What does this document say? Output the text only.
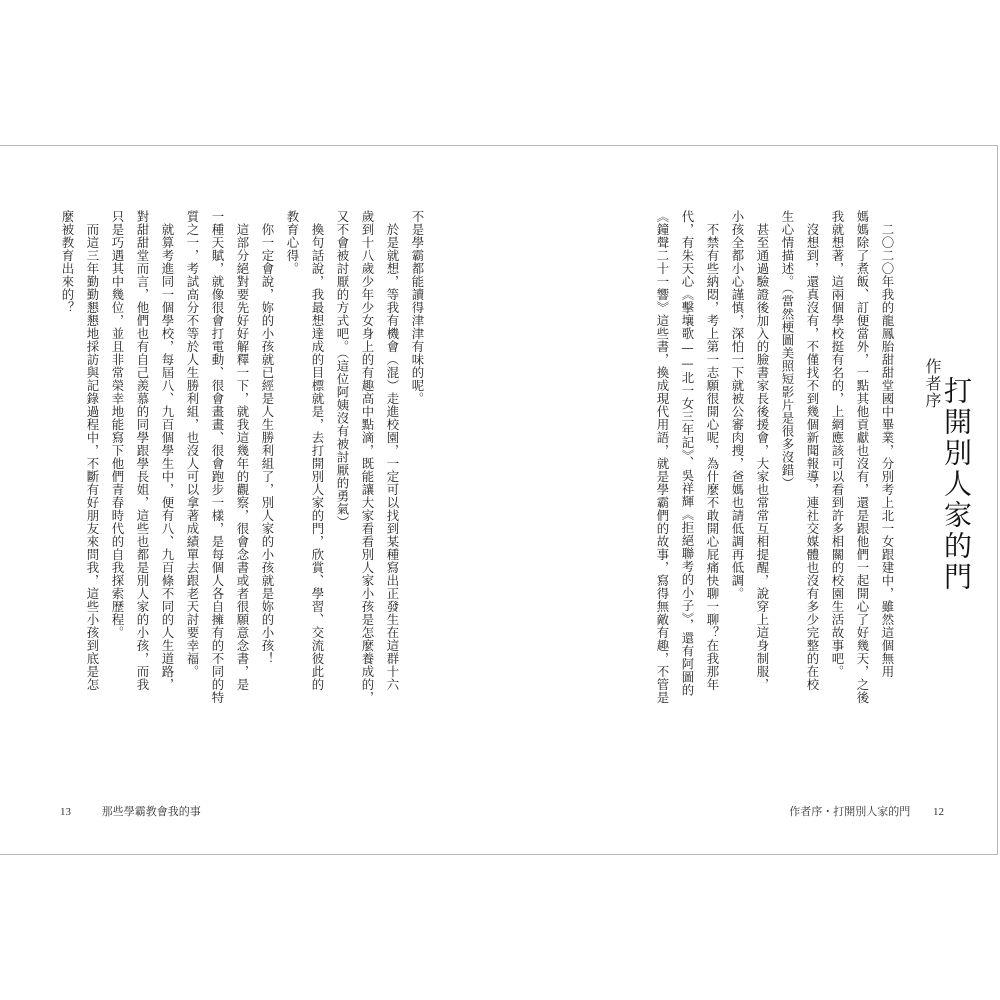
不是學霸都能讀得津津有味的呢。

　於是就想，等我有機會（混）走進校園，一定可以找到某種寫出正發生在這群十六

歲到十八歲少年少女身上的有趣高中點滴，既能讓大家看看別人家小孩是怎麼養成的，

又不會被討厭的方式吧。（這位阿姨沒有被討厭的勇氣）

　換句話說，我最想達成的目標就是，去打開別人家的門，欣賞、學習、交流彼此的

教育心得。

　你一定會說，妳的小孩就已經是人生勝利組了，別人家的小孩就是妳的小孩！

　這部分絕對要先好好解釋一下，就我這幾年的觀察，很會念書或者很願意念書，是

一種天賦，就像很會打電動、很會畫畫、很會跑步一樣，是每個人各自擁有的不同的特

質之一，考試高分不等於人生勝利組，也沒人可以拿著成績單去跟老天討要幸福。

　就算考進同一個學校，每屆八、九百個學生中，便有八、九百條不同的人生道路，

對甜甜堂而言，他們也有自己羨慕的同學跟學長姐，這些也都是別人家的小孩，而我

只是巧遇其中幾位，並且非常榮幸地能寫下他們青春時代的自我探索歷程。

　而這三年勤勤懇懇地採訪與記錄過程中，不斷有好朋友來問我，這些小孩到底是怎

麼被教育出來的？

13	那些學霸教會我的事
作者序
打開別人家的門

　二〇二〇年我的龍鳳胎甜甜堂國中畢業，分別考上北一女跟建中，雖然這個無用

媽媽除了煮飯、訂便當外，一點其他貢獻也沒有，還是跟他們一起開心了好幾天，之後

我就想著，這兩個學校挺有名的，上網應該可以看到許多相關的校園生活故事吧。

　沒想到，還真沒有，不僅找不到幾個新聞報導，連社交媒體也沒有多少完整的在校

生心情描述。（當然梗圖美照短影片是很多沒錯）

　甚至通過驗證後加入的臉書家長後援會，大家也常常互相提醒，說穿上這身制服，

小孩全都小心謹慎，深怕一下就被公審肉搜，爸媽也請低調再低調。

　不禁有些納悶，考上第一志願很開心呢，為什麼不敢開心屁痛快聊一聊？在我那年

代，有朱天心《擊壤歌——北一女三年記》、吳祥輝《拒絕聯考的小子》，還有阿圖的

《鐘聲二十一響》這些書，換成現代用語，就是學霸們的故事，寫得無敵有趣，不管是

作者序・打開別人家的門 12
